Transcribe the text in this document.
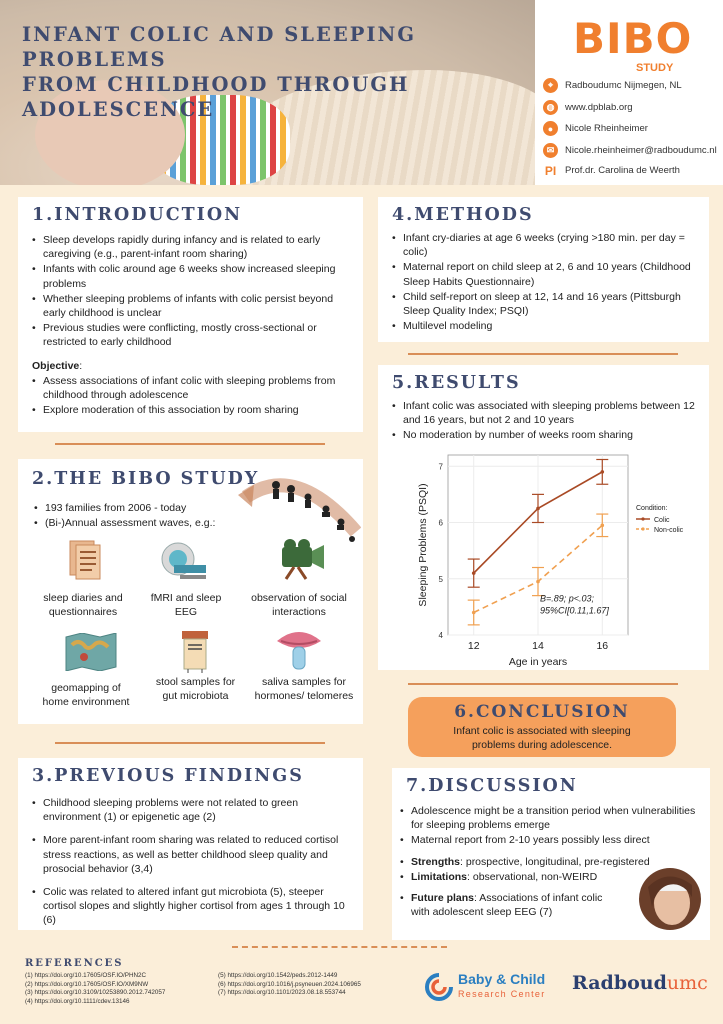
INFANT COLIC AND SLEEPING PROBLEMS
FROM CHILDHOOD THROUGH ADOLESCENCE
BIBO
STUDY
⌖	Radboudumc Nijmegen, NL
◍	www.dpblab.org
●	Nicole Rheinheimer
✉	Nicole.rheinheimer@radboudumc.nl
PI Prof.dr. Carolina de Weerth
1.INTRODUCTION
• Sleep develops rapidly during infancy and is related to early caregiving (e.g., parent-infant room sharing)
• Infants with colic around age 6 weeks show increased sleeping problems
• Whether sleeping problems of infants with colic persist beyond early childhood is unclear
• Previous studies were conflicting, mostly cross-sectional or restricted to early childhood
Objective:
• Assess associations of infant colic with sleeping problems from childhood through adolescence
• Explore moderation of this association by room sharing
2.THE BIBO STUDY
• 193 families from 2006 - today
• (Bi-)Annual assessment waves, e.g.:
sleep diaries and questionnaires
fMRI and sleep EEG
observation of social interactions
geomapping of home environment
stool samples for gut microbiota
saliva samples for hormones/ telomeres
3.PREVIOUS FINDINGS
• Childhood sleeping problems were not related to green environment (1) or epigenetic age (2)
• More parent-infant room sharing was related to reduced cortisol stress reactions, as well as better childhood sleep quality and prosocial behavior (3,4)
• Colic was related to altered infant gut microbiota (5), steeper cortisol slopes and slightly higher cortisol from ages 1 through 10 (6)
4.METHODS
• Infant cry-diaries at age 6 weeks (crying >180 min. per day = colic)
• Maternal report on child sleep at 2, 6 and 10 years (Childhood Sleep Habits Questionnaire)
• Child self-report on sleep at 12, 14 and 16 years (Pittsburgh Sleep Quality Index; PSQI)
• Multilevel modeling
5.RESULTS
• Infant colic was associated with sleeping problems between 12 and 16 years, but not 2 and 10 years
• No moderation by number of weeks room sharing
4
5
6
7
12	14	16
Age in years
Sleeping Problems (PSQI)	B=.89; p<.03;
95%CI[0.11,1.67]
Condition:
Colic
Non-colic
6.CONCLUSION
Infant colic is associated with sleeping
problems during adolescence.
7.DISCUSSION
• Adolescence might be a transition period when vulnerabilities for sleeping problems emerge
• Maternal report from 2-10 years possibly less direct
• Strengths: prospective, longitudinal, pre-registered
• Limitations: observational, non-WEIRD
• Future plans: Associations of infant colic with adolescent sleep EEG (7)
REFERENCES
(1) https://doi.org/10.17605/OSF.IO/PHN2C
(2) https://doi.org/10.17605/OSF.IO/XM9NW
(3) https://doi.org/10.3109/10253890.2012.742057
(4) https://doi.org/10.1111/cdev.13146
(5) https://doi.org/10.1542/peds.2012-1449
(6) https://doi.org/10.1016/j.psyneuen.2024.106965
(7) https://doi.org/10.1101/2023.08.18.553744
Baby & Child
Research Center Radboudumc
